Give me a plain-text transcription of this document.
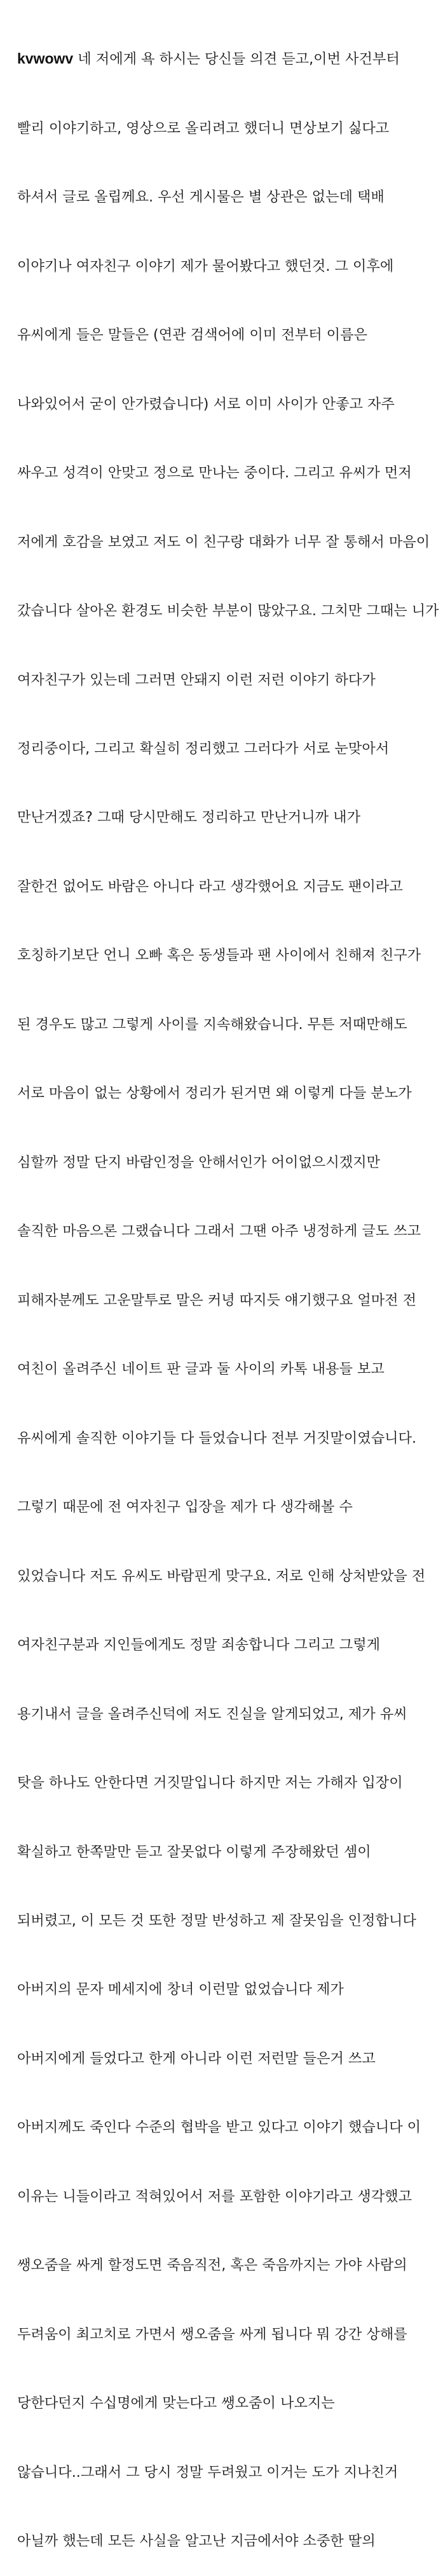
kvwowv 네 저에게 욕 하시는 당신들 의견 듣고,이번 사건부터

빨리 이야기하고, 영상으로 올리려고 했더니 면상보기 싫다고

하셔서 글로 올립께요. 우선 게시물은 별 상관은 없는데 택배

이야기나 여자친구 이야기 제가 물어봤다고 했던것. 그 이후에

유씨에게 들은 말들은 (연관 검색어에 이미 전부터 이름은

나와있어서 굳이 안가렸습니다) 서로 이미 사이가 안좋고 자주

싸우고 성격이 안맞고 정으로 만나는 중이다. 그리고 유씨가 먼저

저에게 호감을 보였고 저도 이 친구랑 대화가 너무 잘 통해서 마음이

갔습니다 살아온 환경도 비슷한 부분이 많았구요. 그치만 그때는 니가

여자친구가 있는데 그러면 안돼지 이런 저런 이야기 하다가

정리중이다, 그리고 확실히 정리했고 그러다가 서로 눈맞아서

만난거겠죠? 그때 당시만해도 정리하고 만난거니까 내가

잘한건 없어도 바람은 아니다 라고 생각했어요 지금도 팬이라고

호칭하기보단 언니 오빠 혹은 동생들과 팬 사이에서 친해져 친구가

된 경우도 많고 그렇게 사이를 지속해왔습니다. 무튼 저때만해도

서로 마음이 없는 상황에서 정리가 된거면 왜 이렇게 다들 분노가

심할까 정말 단지 바람인정을 안해서인가 어이없으시겠지만

솔직한 마음으론 그랬습니다 그래서 그땐 아주 냉정하게 글도 쓰고

피해자분께도 고운말투로 말은 커녕 따지듯 얘기했구요 얼마전 전

여친이 올려주신 네이트 판 글과 둘 사이의 카톡 내용들 보고

유씨에게 솔직한 이야기들 다 들었습니다 전부 거짓말이였습니다.

그렇기 때문에 전 여자친구 입장을 제가 다 생각해볼 수

있었습니다 저도 유씨도 바람핀게 맞구요. 저로 인해 상처받았을 전

여자친구분과 지인들에게도 정말 죄송합니다 그리고 그렇게

용기내서 글을 올려주신덕에 저도 진실을 알게되었고, 제가 유씨

탓을 하나도 안한다면 거짓말입니다 하지만 저는 가해자 입장이

확실하고 한쪽말만 듣고 잘못없다 이렇게 주장해왔던 셈이

되버렸고, 이 모든 것 또한 정말 반성하고 제 잘못임을 인정합니다

아버지의 문자 메세지에 창녀 이런말 없었습니다 제가

아버지에게 들었다고 한게 아니라 이런 저런말 들은거 쓰고

아버지께도 죽인다 수준의 협박을 받고 있다고 이야기 했습니다 이

이유는 니들이라고 적혀있어서 저를 포함한 이야기라고 생각했고

쌩오줌을 싸게 할정도면 죽음직전, 혹은 죽음까지는 가야 사람의

두려움이 최고치로 가면서 쌩오줌을 싸게 됩니다 뭐 강간 상해를

당한다던지 수십명에게 맞는다고 쌩오줌이 나오지는

않습니다..그래서 그 당시 정말 두려웠고 이거는 도가 지나친거

아닐까 했는데 모든 사실을 알고난 지금에서야 소중한 딸의
